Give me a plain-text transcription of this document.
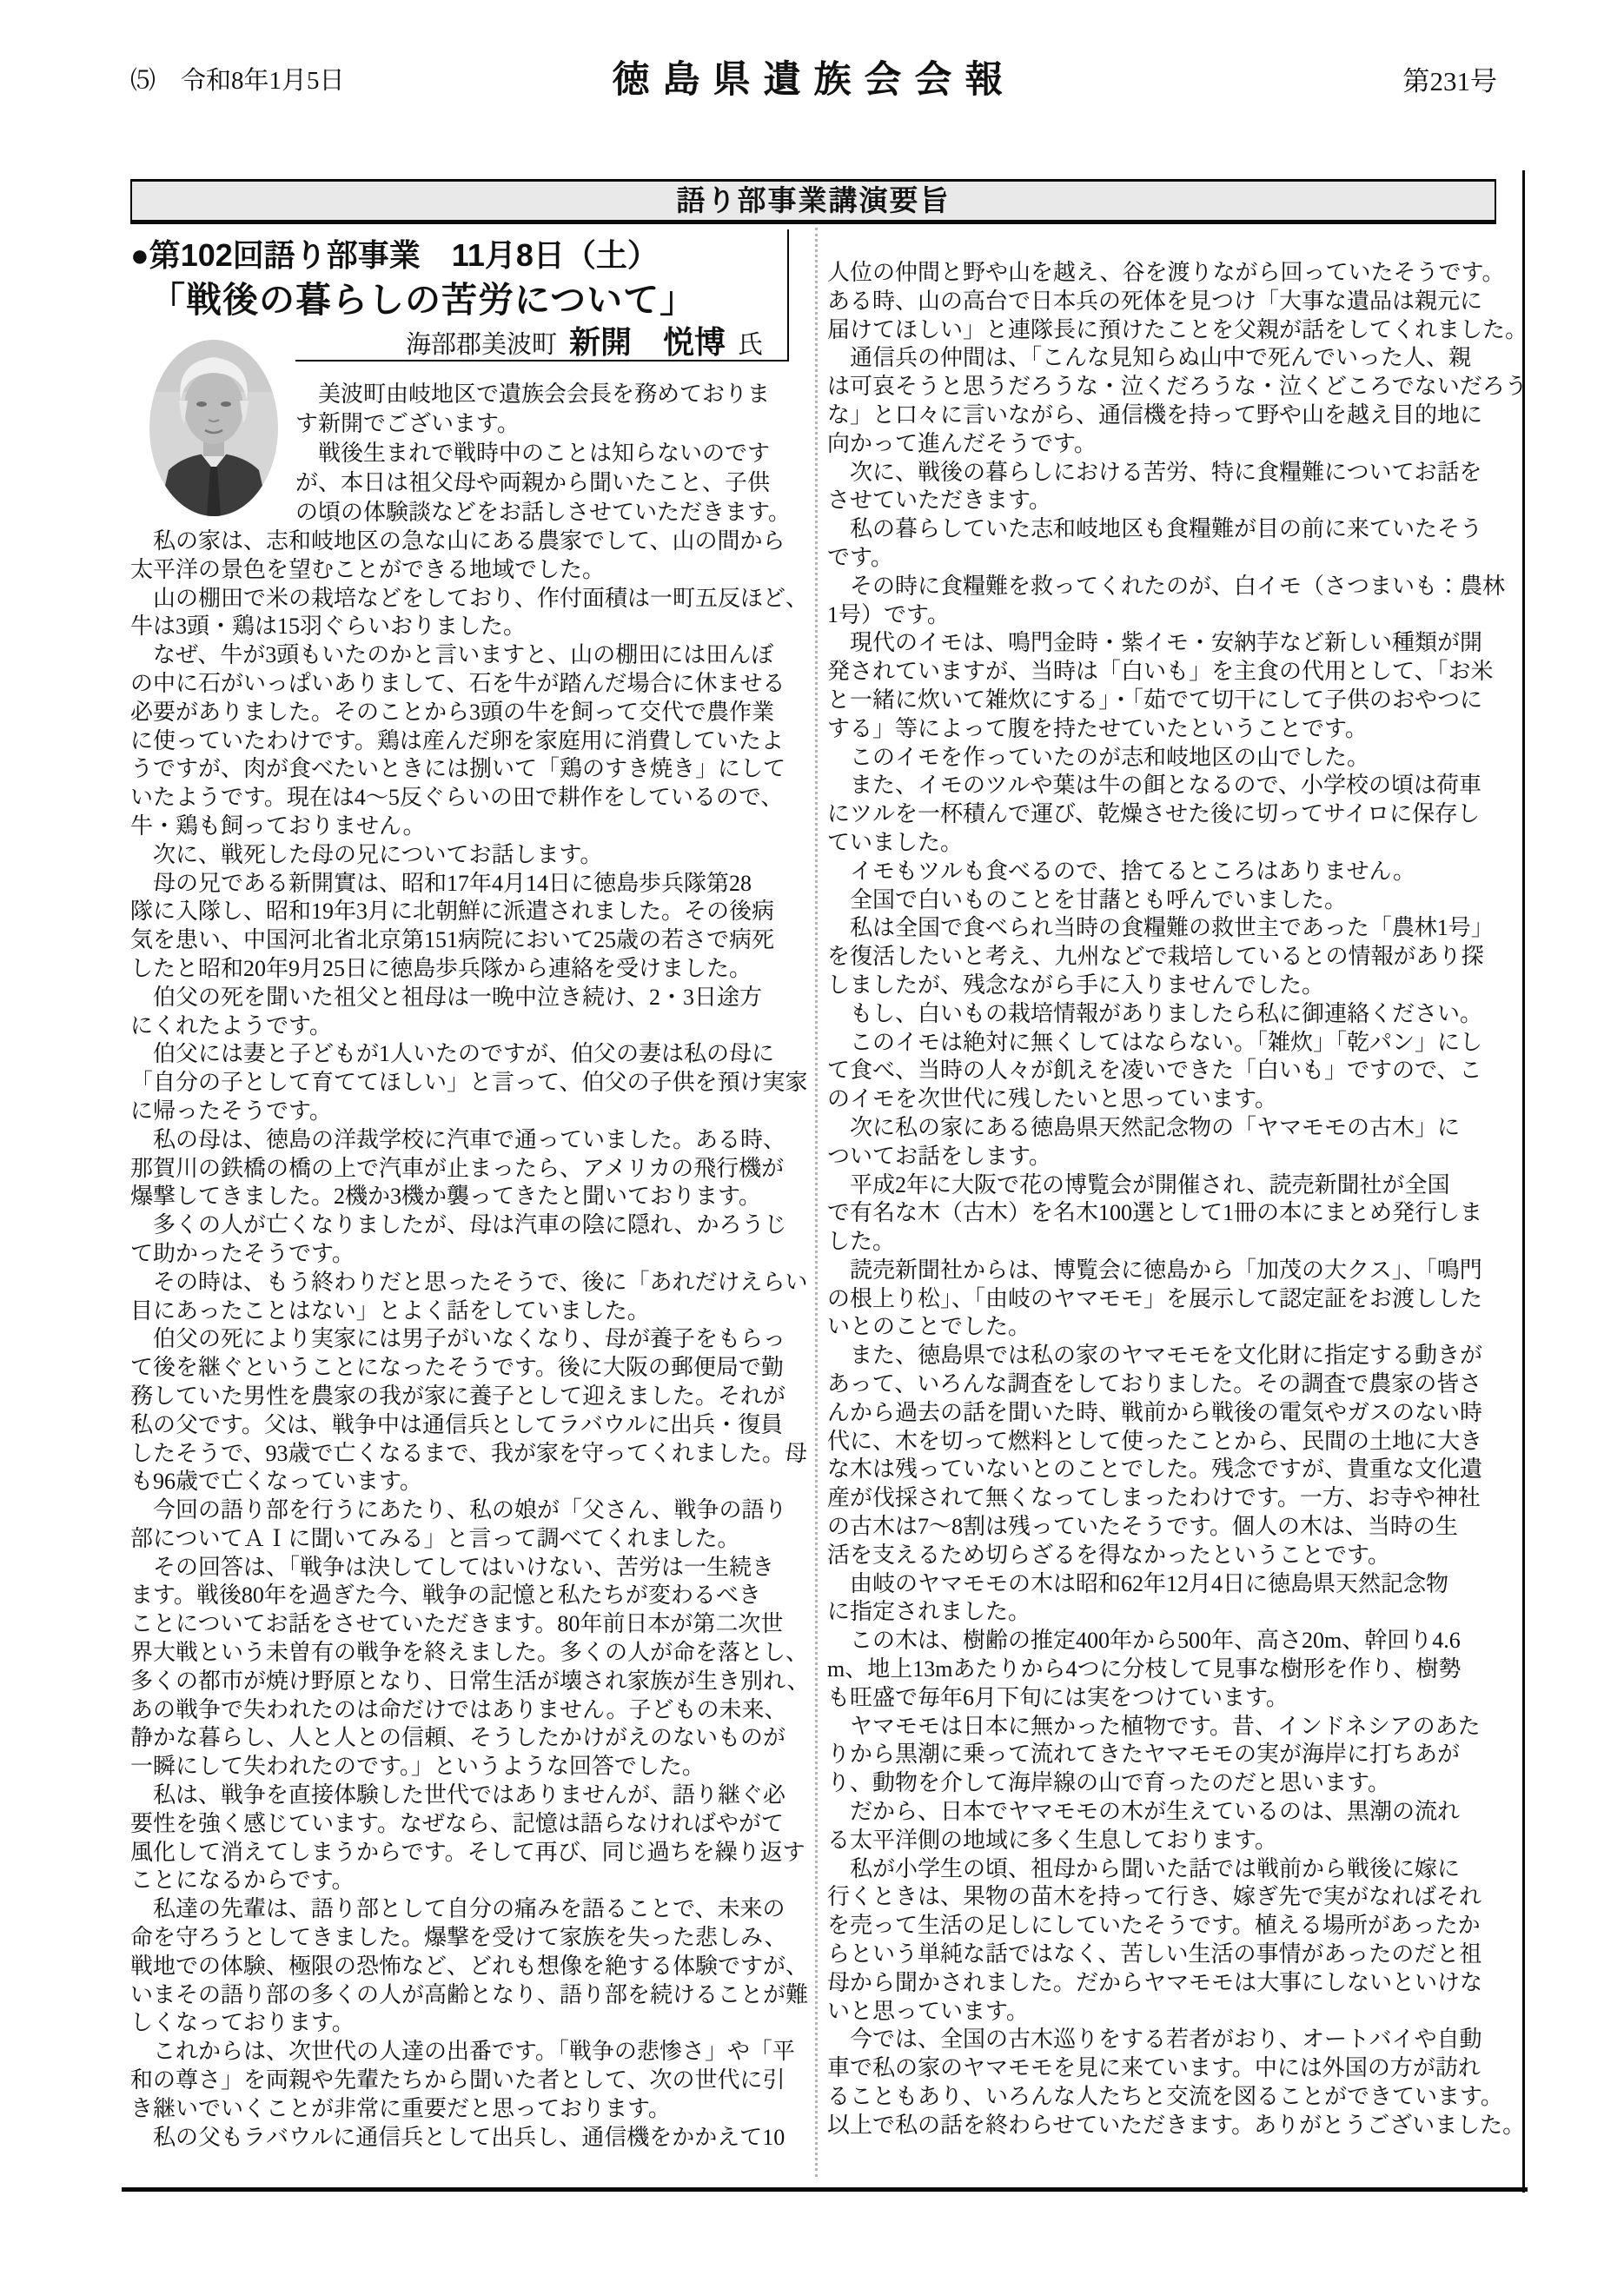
⑸　令和8年1月5日	徳島県遺族会会報	第231号
語り部事業講演要旨
●第102回語り部事業　11月8日（土）
「戦後の暮らしの苦労について」
海部郡美波町 新開　悦博 氏
　美波町由岐地区で遺族会会長を務めておりま
す新開でございます。
　戦後生まれで戦時中のことは知らないのです
が、本日は祖父母や両親から聞いたこと、子供
の頃の体験談などをお話しさせていただきます。
　私の家は、志和岐地区の急な山にある農家でして、山の間から
太平洋の景色を望むことができる地域でした。
　山の棚田で米の栽培などをしており、作付面積は一町五反ほど、
牛は3頭・鶏は15羽ぐらいおりました。
　なぜ、牛が3頭もいたのかと言いますと、山の棚田には田んぼ
の中に石がいっぱいありまして、石を牛が踏んだ場合に休ませる
必要がありました。そのことから3頭の牛を飼って交代で農作業
に使っていたわけです。鶏は産んだ卵を家庭用に消費していたよ
うですが、肉が食べたいときには捌いて「鶏のすき焼き」にして
いたようです。現在は4〜5反ぐらいの田で耕作をしているので、
牛・鶏も飼っておりません。
　次に、戦死した母の兄についてお話します。
　母の兄である新開實は、昭和17年4月14日に徳島歩兵隊第28
隊に入隊し、昭和19年3月に北朝鮮に派遣されました。その後病
気を患い、中国河北省北京第151病院において25歳の若さで病死
したと昭和20年9月25日に徳島歩兵隊から連絡を受けました。
　伯父の死を聞いた祖父と祖母は一晩中泣き続け、2・3日途方
にくれたようです。
　伯父には妻と子どもが1人いたのですが、伯父の妻は私の母に
「自分の子として育ててほしい」と言って、伯父の子供を預け実家
に帰ったそうです。
　私の母は、徳島の洋裁学校に汽車で通っていました。ある時、
那賀川の鉄橋の橋の上で汽車が止まったら、アメリカの飛行機が
爆撃してきました。2機か3機か襲ってきたと聞いております。
　多くの人が亡くなりましたが、母は汽車の陰に隠れ、かろうじ
て助かったそうです。
　その時は、もう終わりだと思ったそうで、後に「あれだけえらい
目にあったことはない」とよく話をしていました。
　伯父の死により実家には男子がいなくなり、母が養子をもらっ
て後を継ぐということになったそうです。後に大阪の郵便局で勤
務していた男性を農家の我が家に養子として迎えました。それが
私の父です。父は、戦争中は通信兵としてラバウルに出兵・復員
したそうで、93歳で亡くなるまで、我が家を守ってくれました。母
も96歳で亡くなっています。
　今回の語り部を行うにあたり、私の娘が「父さん、戦争の語り
部についてＡＩに聞いてみる」と言って調べてくれました。
　その回答は、「戦争は決してしてはいけない、苦労は一生続き
ます。戦後80年を過ぎた今、戦争の記憶と私たちが変わるべき
ことについてお話をさせていただきます。80年前日本が第二次世
界大戦という未曽有の戦争を終えました。多くの人が命を落とし、
多くの都市が焼け野原となり、日常生活が壊され家族が生き別れ、
あの戦争で失われたのは命だけではありません。子どもの未来、
静かな暮らし、人と人との信頼、そうしたかけがえのないものが
一瞬にして失われたのです。」というような回答でした。
　私は、戦争を直接体験した世代ではありませんが、語り継ぐ必
要性を強く感じています。なぜなら、記憶は語らなければやがて
風化して消えてしまうからです。そして再び、同じ過ちを繰り返す
ことになるからです。
　私達の先輩は、語り部として自分の痛みを語ることで、未来の
命を守ろうとしてきました。爆撃を受けて家族を失った悲しみ、
戦地での体験、極限の恐怖など、どれも想像を絶する体験ですが、
いまその語り部の多くの人が高齢となり、語り部を続けることが難
しくなっております。
　これからは、次世代の人達の出番です。「戦争の悲惨さ」や「平
和の尊さ」を両親や先輩たちから聞いた者として、次の世代に引
き継いでいくことが非常に重要だと思っております。
　私の父もラバウルに通信兵として出兵し、通信機をかかえて10
人位の仲間と野や山を越え、谷を渡りながら回っていたそうです。
ある時、山の高台で日本兵の死体を見つけ「大事な遺品は親元に
届けてほしい」と連隊長に預けたことを父親が話をしてくれました。
　通信兵の仲間は、「こんな見知らぬ山中で死んでいった人、親
は可哀そうと思うだろうな・泣くだろうな・泣くどころでないだろう
な」と口々に言いながら、通信機を持って野や山を越え目的地に
向かって進んだそうです。
　次に、戦後の暮らしにおける苦労、特に食糧難についてお話を
させていただきます。
　私の暮らしていた志和岐地区も食糧難が目の前に来ていたそう
です。
　その時に食糧難を救ってくれたのが、白イモ（さつまいも：農林
1号）です。
　現代のイモは、鳴門金時・紫イモ・安納芋など新しい種類が開
発されていますが、当時は「白いも」を主食の代用として、「お米
と一緒に炊いて雑炊にする」・「茹でて切干にして子供のおやつに
する」等によって腹を持たせていたということです。
　このイモを作っていたのが志和岐地区の山でした。
　また、イモのツルや葉は牛の餌となるので、小学校の頃は荷車
にツルを一杯積んで運び、乾燥させた後に切ってサイロに保存し
ていました。
　イモもツルも食べるので、捨てるところはありません。
　全国で白いものことを甘藷とも呼んでいました。
　私は全国で食べられ当時の食糧難の救世主であった「農林1号」
を復活したいと考え、九州などで栽培しているとの情報があり探
しましたが、残念ながら手に入りませんでした。
　もし、白いもの栽培情報がありましたら私に御連絡ください。
　このイモは絶対に無くしてはならない。「雑炊」「乾パン」にし
て食べ、当時の人々が飢えを凌いできた「白いも」ですので、こ
のイモを次世代に残したいと思っています。
　次に私の家にある徳島県天然記念物の「ヤマモモの古木」に
ついてお話をします。
　平成2年に大阪で花の博覧会が開催され、読売新聞社が全国
で有名な木（古木）を名木100選として1冊の本にまとめ発行しま
した。
　読売新聞社からは、博覧会に徳島から「加茂の大クス」、「鳴門
の根上り松」、「由岐のヤマモモ」を展示して認定証をお渡しした
いとのことでした。
　また、徳島県では私の家のヤマモモを文化財に指定する動きが
あって、いろんな調査をしておりました。その調査で農家の皆さ
んから過去の話を聞いた時、戦前から戦後の電気やガスのない時
代に、木を切って燃料として使ったことから、民間の土地に大き
な木は残っていないとのことでした。残念ですが、貴重な文化遺
産が伐採されて無くなってしまったわけです。一方、お寺や神社
の古木は7〜8割は残っていたそうです。個人の木は、当時の生
活を支えるため切らざるを得なかったということです。
　由岐のヤマモモの木は昭和62年12月4日に徳島県天然記念物
に指定されました。
　この木は、樹齢の推定400年から500年、高さ20m、幹回り4.6
m、地上13mあたりから4つに分枝して見事な樹形を作り、樹勢
も旺盛で毎年6月下旬には実をつけています。
　ヤマモモは日本に無かった植物です。昔、インドネシアのあた
りから黒潮に乗って流れてきたヤマモモの実が海岸に打ちあが
り、動物を介して海岸線の山で育ったのだと思います。
　だから、日本でヤマモモの木が生えているのは、黒潮の流れ
る太平洋側の地域に多く生息しております。
　私が小学生の頃、祖母から聞いた話では戦前から戦後に嫁に
行くときは、果物の苗木を持って行き、嫁ぎ先で実がなればそれ
を売って生活の足しにしていたそうです。植える場所があったか
らという単純な話ではなく、苦しい生活の事情があったのだと祖
母から聞かされました。だからヤマモモは大事にしないといけな
いと思っています。
　今では、全国の古木巡りをする若者がおり、オートバイや自動
車で私の家のヤマモモを見に来ています。中には外国の方が訪れ
ることもあり、いろんな人たちと交流を図ることができています。
以上で私の話を終わらせていただきます。ありがとうございました。
